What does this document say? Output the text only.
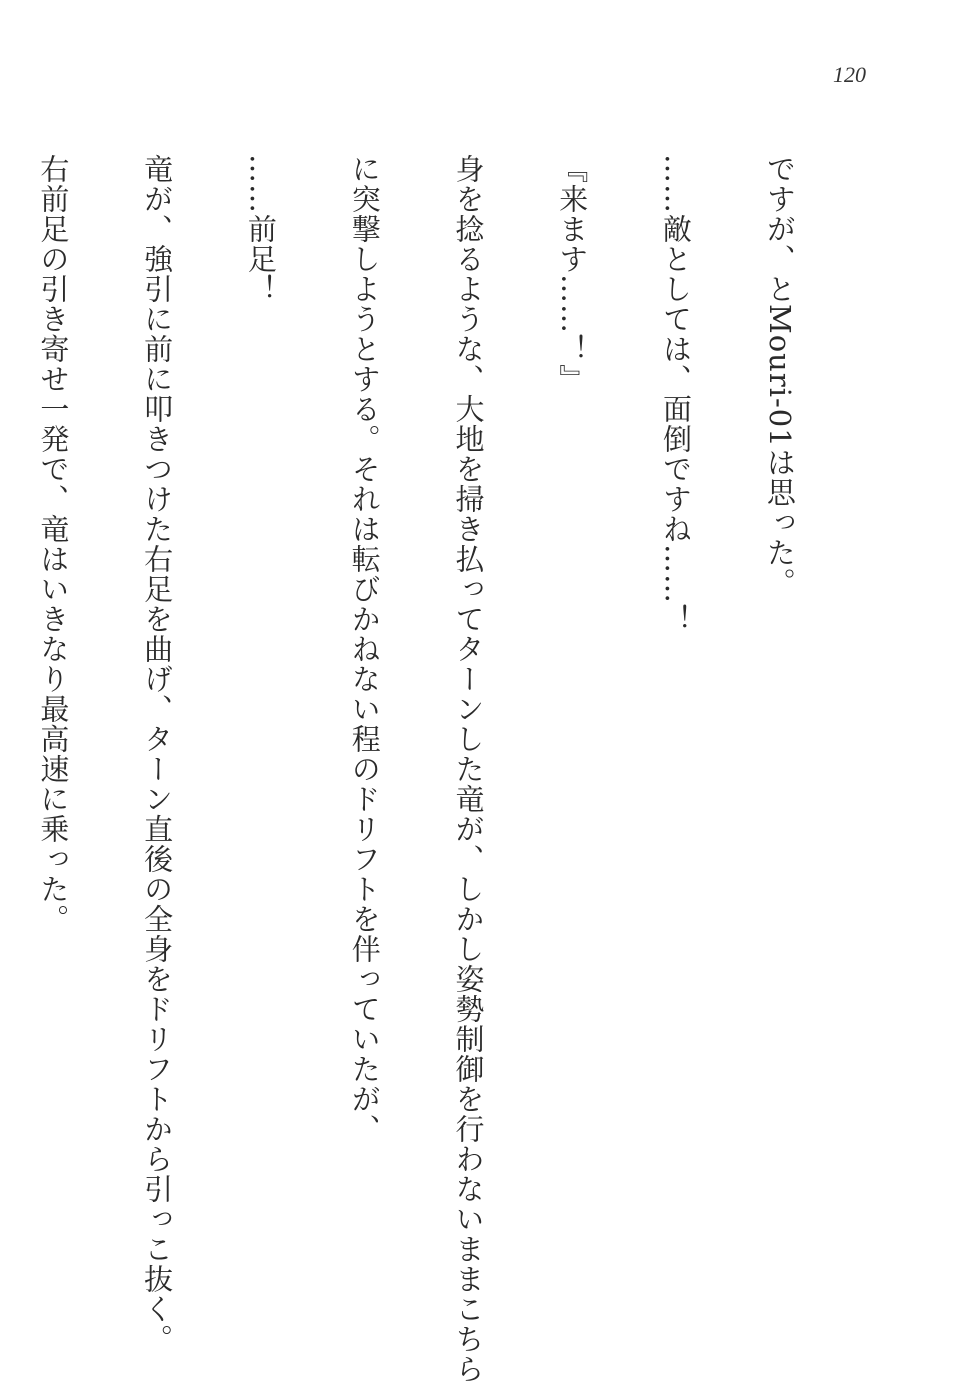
120

ですが、とMouri-01は思った。

……敵としては、面倒ですね……！

『来ます……！』

身を捻るような、大地を掃き払ってターンした竜が、しかし姿勢制御を行わないままこちら

に突撃しようとする。それは転びかねない程のドリフトを伴っていたが、

……前足！

竜が、強引に前に叩きつけた右足を曲げ、ターン直後の全身をドリフトから引っこ抜く。

右前足の引き寄せ一発で、竜はいきなり最高速に乗った。
